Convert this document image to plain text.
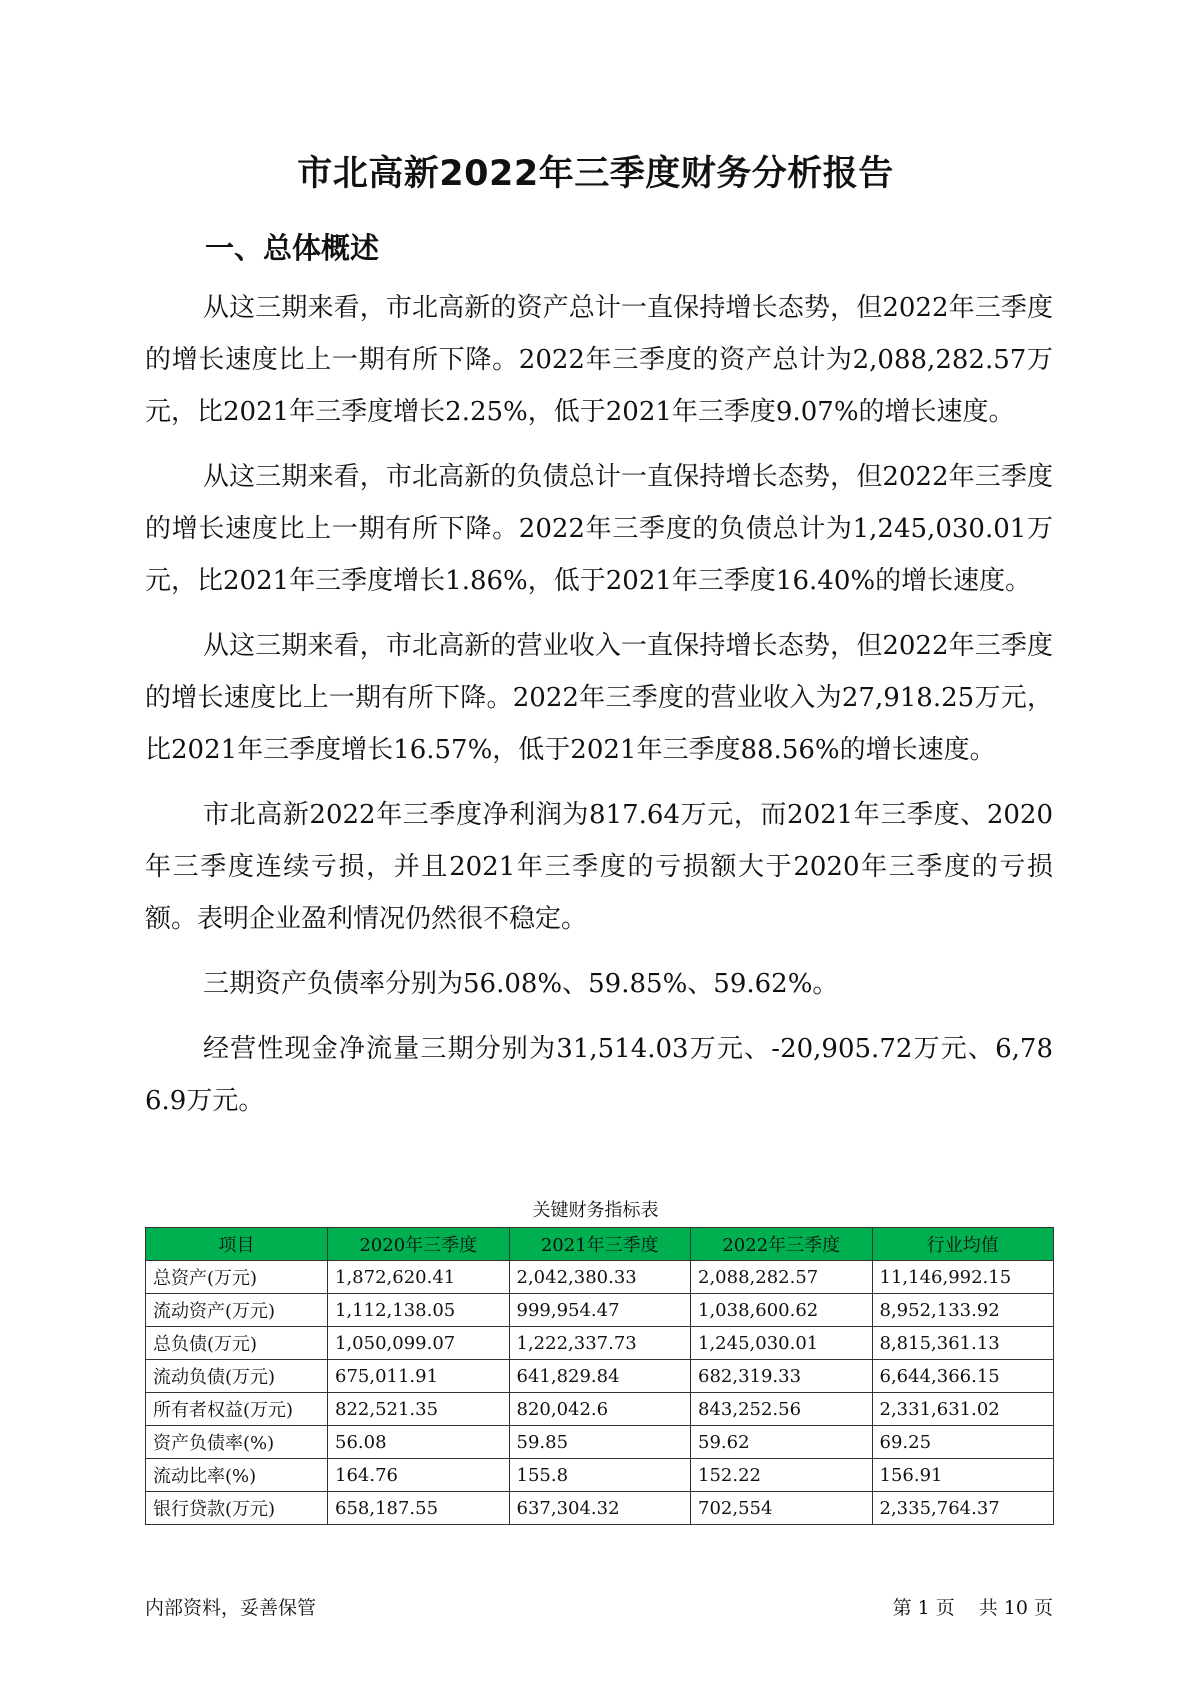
市北高新2022年三季度财务分析报告
一、总体概述

从这三期来看，市北高新的资产总计一直保持增长态势，但2022年三季度的增长速度比上一期有所下降。2022年三季度的资产总计为2,088,282.57万元，比2021年三季度增长2.25%，低于2021年三季度9.07%的增长速度。

从这三期来看，市北高新的负债总计一直保持增长态势，但2022年三季度的增长速度比上一期有所下降。2022年三季度的负债总计为1,245,030.01万元，比2021年三季度增长1.86%，低于2021年三季度16.40%的增长速度。

从这三期来看，市北高新的营业收入一直保持增长态势，但2022年三季度的增长速度比上一期有所下降。2022年三季度的营业收入为27,918.25万元，比2021年三季度增长16.57%，低于2021年三季度88.56%的增长速度。

市北高新2022年三季度净利润为817.64万元，而2021年三季度、2020年三季度连续亏损，并且2021年三季度的亏损额大于2020年三季度的亏损额。表明企业盈利情况仍然很不稳定。

三期资产负债率分别为56.08%、59.85%、59.62%。

经营性现金净流量三期分别为31,514.03万元、-20,905.72万元、6,786.9万元。

关键财务指标表
项目	2020年三季度	2021年三季度	2022年三季度	行业均值
总资产(万元)	1,872,620.41	2,042,380.33	2,088,282.57	11,146,992.15
流动资产(万元)	1,112,138.05	999,954.47	1,038,600.62	8,952,133.92
总负债(万元)	1,050,099.07	1,222,337.73	1,245,030.01	8,815,361.13
流动负债(万元)	675,011.91	641,829.84	682,319.33	6,644,366.15
所有者权益(万元)	822,521.35	820,042.6	843,252.56	2,331,631.02
资产负债率(%)	56.08	59.85	59.62	69.25
流动比率(%)	164.76	155.8	152.22	156.91
银行贷款(万元)	658,187.55	637,304.32	702,554	2,335,764.37
内部资料，妥善保管	第 1 页 共 10 页
